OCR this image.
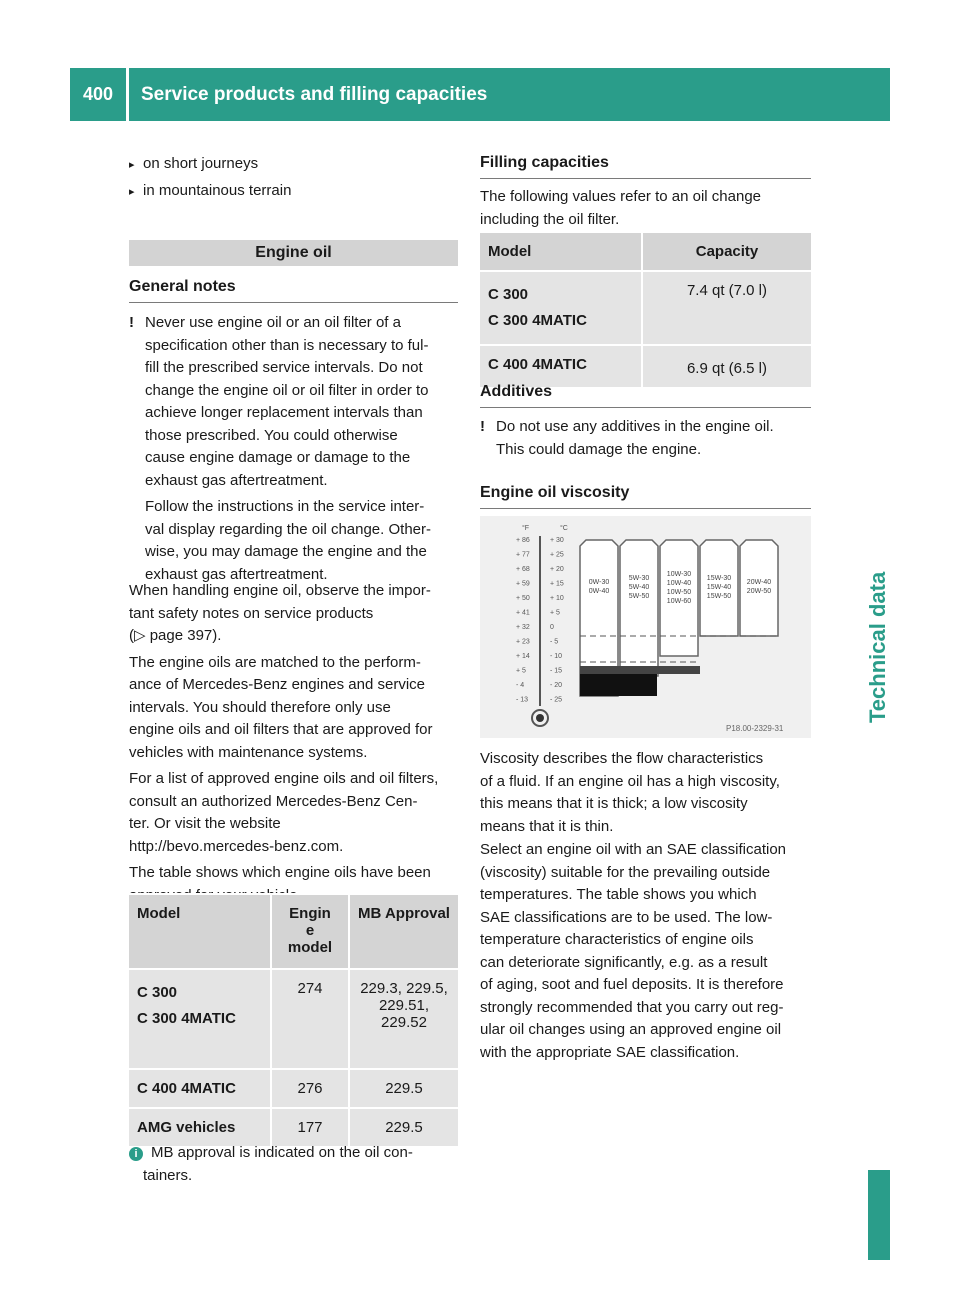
400	Service products and filling capacities
Technical data
▸ on short journeys
▸ in mountainous terrain
Engine oil
General notes
! Never use engine oil or an oil filter of a
specification other than is necessary to ful-
fill the prescribed service intervals. Do not
change the engine oil or oil filter in order to
achieve longer replacement intervals than
those prescribed. You could otherwise
cause engine damage or damage to the
exhaust gas aftertreatment.
Follow the instructions in the service inter-
val display regarding the oil change. Other-
wise, you may damage the engine and the
exhaust gas aftertreatment.
When handling engine oil, observe the impor-
tant safety notes on service products
(▷ page 397).
The engine oils are matched to the perform-
ance of Mercedes-Benz engines and service
intervals. You should therefore only use
engine oils and oil filters that are approved for
vehicles with maintenance systems.
For a list of approved engine oils and oil filters,
consult an authorized Mercedes-Benz Cen-
ter. Or visit the website
http://bevo.mercedes-benz.com.
The table shows which engine oils have been
Model	Engin
e
model	MB Approval
C 300
C 300 4MATIC	274	229.3, 229.5,
229.51,
229.52
C 400 4MATIC	276	229.5
AMG vehicles	177	229.5
i MB approval is indicated on the oil con-
tainers.
Filling capacities
The following values refer to an oil change
including the oil filter.
Model	Capacity
C 300
C 300 4MATIC	7.4 qt (7.0 l)
C 400 4MATIC	6.9 qt (6.5 l)
Additives
! Do not use any additives in the engine oil.
This could damage the engine.
Engine oil viscosity
°F	°C
+ 86
+ 77
+ 68
+ 59
+ 50
+ 41
+ 32
+ 23
+ 14
+ 5
- 4
- 13
+ 30
+ 25
+ 20
+ 15
+ 10
+ 5
0
- 5
- 10
- 15
- 20
- 25
0W-30
0W-40
5W-30
5W-40
5W-50
10W-30
10W-40
10W-50
10W-60
15W-30
15W-40
15W-50
20W-40
20W-50
P18.00-2329-31
Viscosity describes the flow characteristics
of a fluid. If an engine oil has a high viscosity,
this means that it is thick; a low viscosity
means that it is thin.
Select an engine oil with an SAE classification
(viscosity) suitable for the prevailing outside
temperatures. The table shows you which
SAE classifications are to be used. The low-
temperature characteristics of engine oils
can deteriorate significantly, e.g. as a result
of aging, soot and fuel deposits. It is therefore
strongly recommended that you carry out reg-
ular oil changes using an approved engine oil
with the appropriate SAE classification.
